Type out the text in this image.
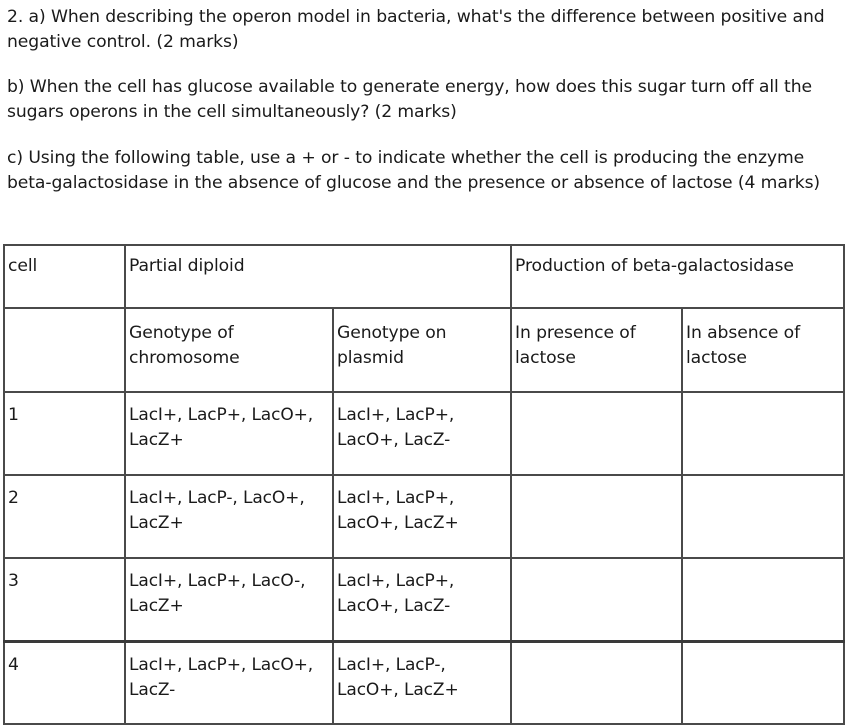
2. a) When describing the operon model in bacteria, what's the difference between positive and negative control. (2 marks)
b) When the cell has glucose available to generate energy, how does this sugar turn off all the sugars operons in the cell simultaneously? (2 marks)
c) Using the following table, use a + or - to indicate whether the cell is producing the enzyme beta-galactosidase in the absence of glucose and the presence or absence of lactose (4 marks)
cell	Partial diploid		Production of beta-galactosidase	
	Genotype of chromosome	Genotype on plasmid	In presence of lactose	In absence of lactose
1	LacI+, LacP+, LacO+, LacZ+	LacI+, LacP+, LacO+, LacZ-		
2	LacI+, LacP-, LacO+, LacZ+	LacI+, LacP+, LacO+, LacZ+		
3	LacI+, LacP+, LacO-, LacZ+	LacI+, LacP+, LacO+, LacZ-		
4	LacI+, LacP+, LacO+, LacZ-	LacI+, LacP-, LacO+, LacZ+		
